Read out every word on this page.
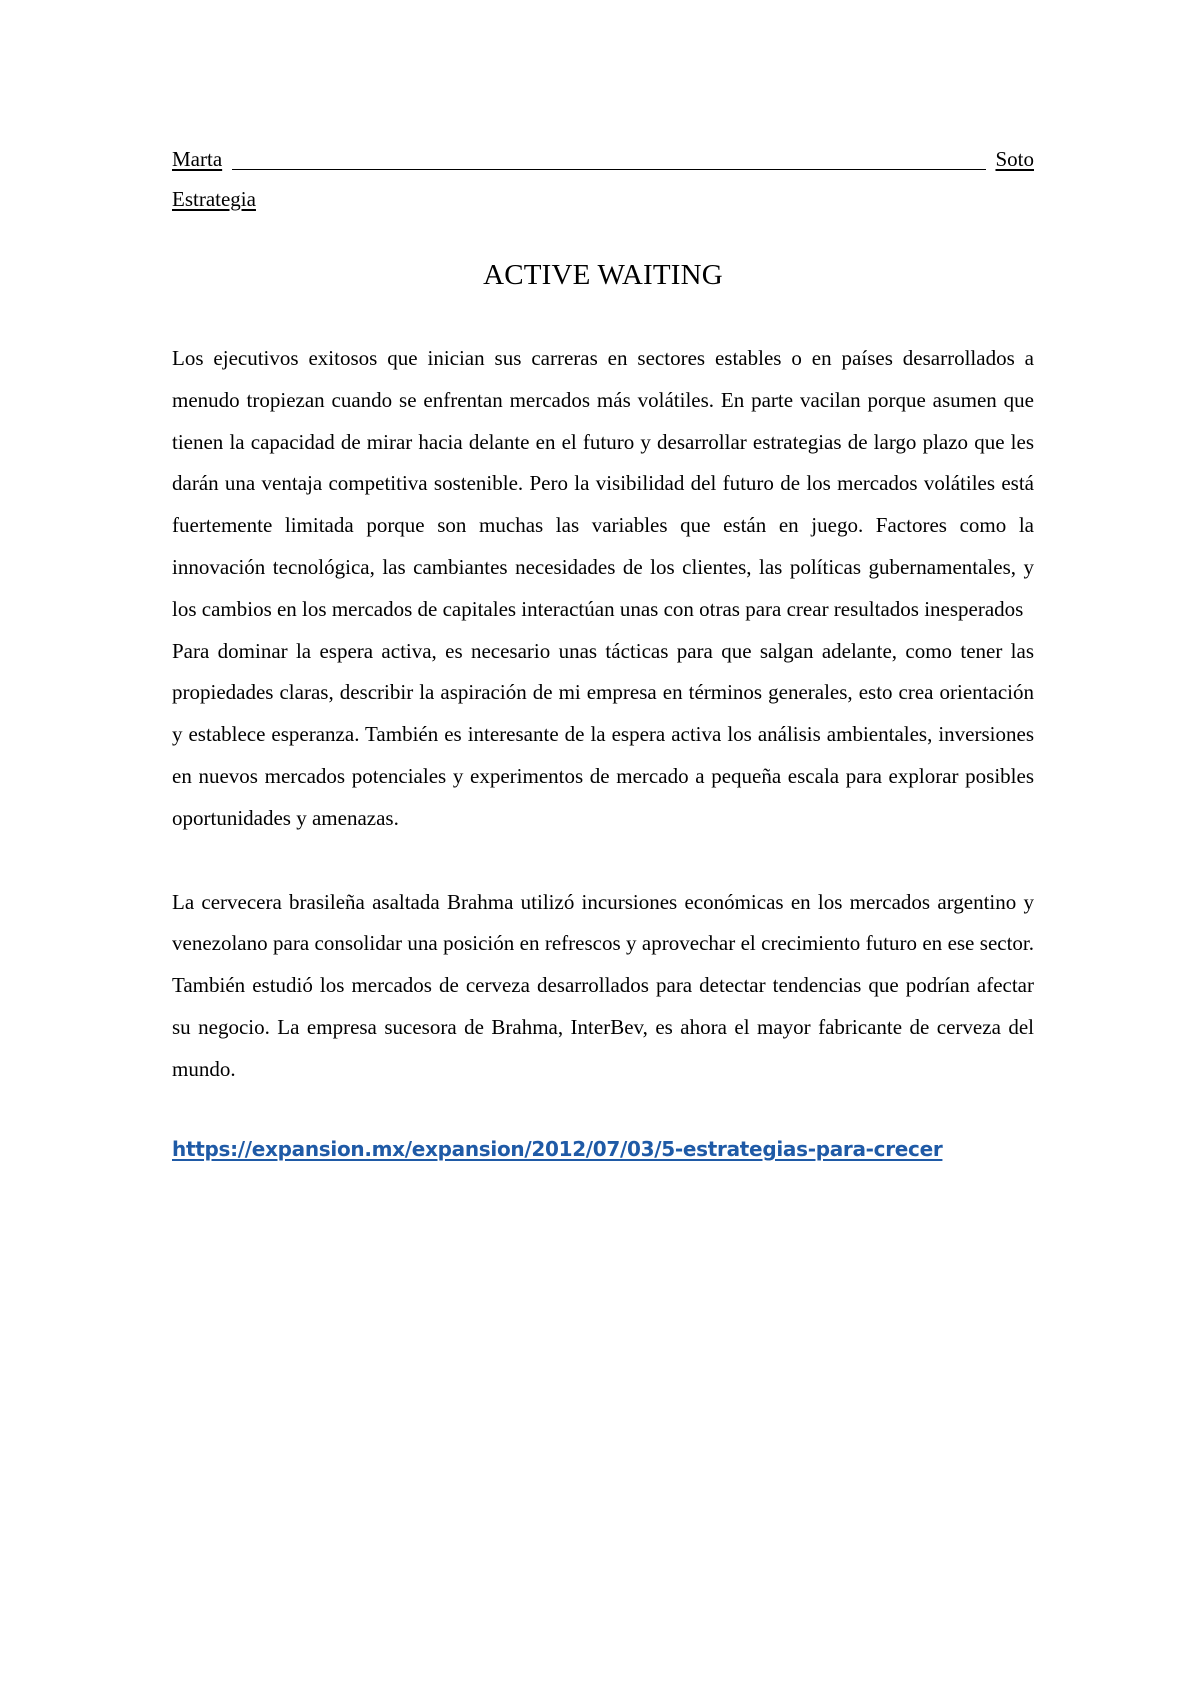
Marta	Soto
Estrategia
ACTIVE WAITING

Los ejecutivos exitosos que inician sus carreras en sectores estables o en países desarrollados a menudo tropiezan cuando se enfrentan mercados más volátiles. En parte vacilan porque asumen que tienen la capacidad de mirar hacia delante en el futuro y desarrollar estrategias de largo plazo que les darán una ventaja competitiva sostenible. Pero la visibilidad del futuro de los mercados volátiles está fuertemente limitada porque son muchas las variables que están en juego. Factores como la innovación tecnológica, las cambiantes necesidades de los clientes, las políticas gubernamentales, y los cambios en los mercados de capitales interactúan unas con otras para crear resultados inesperados

Para dominar la espera activa, es necesario unas tácticas para que salgan adelante, como tener las propiedades claras, describir la aspiración de mi empresa en términos generales, esto crea orientación y establece esperanza. También es interesante de la espera activa los análisis ambientales, inversiones en nuevos mercados potenciales y experimentos de mercado a pequeña escala para explorar posibles oportunidades y amenazas.

La cervecera brasileña asaltada Brahma utilizó incursiones económicas en los mercados argentino y venezolano para consolidar una posición en refrescos y aprovechar el crecimiento futuro en ese sector. También estudió los mercados de cerveza desarrollados para detectar tendencias que podrían afectar su negocio. La empresa sucesora de Brahma, InterBev, es ahora el mayor fabricante de cerveza del mundo.

https://expansion.mx/expansion/2012/07/03/5-estrategias-para-crecer
